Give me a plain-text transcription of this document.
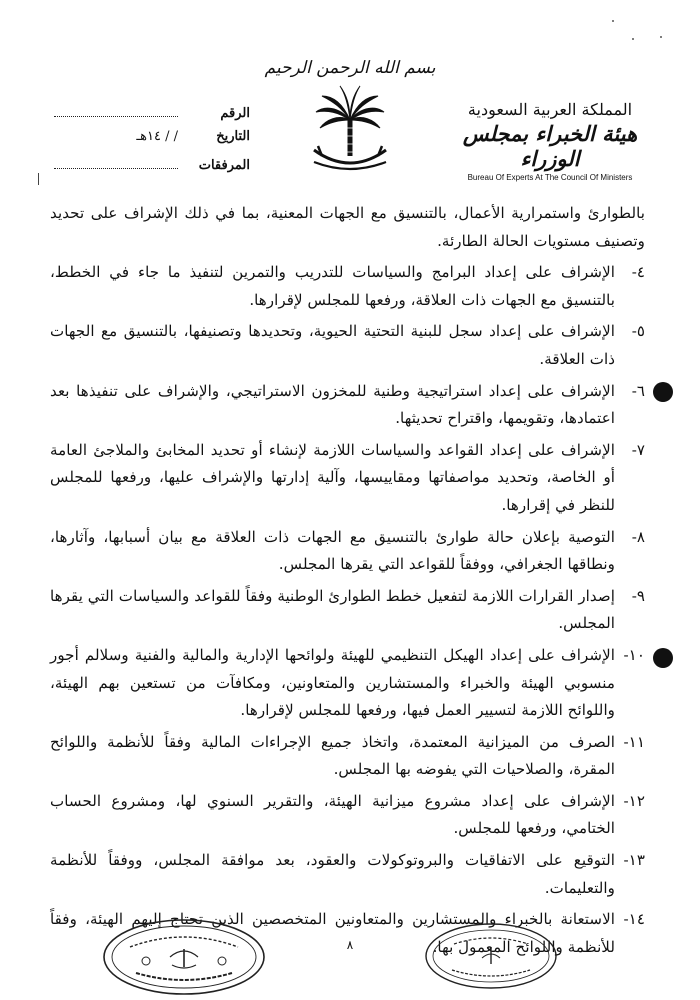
بسم الله الرحمن الرحيم
المملكة العربية السعودية
هيئة الخبراء بمجلس الوزراء
Bureau Of Experts At The Council Of Ministers
الرقم
التاريخ
/ / ١٤هـ
المرفقات

بالطوارئ واستمرارية الأعمال، بالتنسيق مع الجهات المعنية، بما في ذلك الإشراف على تحديد وتصنيف مستويات الحالة الطارئة.

٤-
الإشراف على إعداد البرامج والسياسات للتدريب والتمرين لتنفيذ ما جاء في الخطط، بالتنسيق مع الجهات ذات العلاقة، ورفعها للمجلس لإقرارها.
٥-
الإشراف على إعداد سجل للبنية التحتية الحيوية، وتحديدها وتصنيفها، بالتنسيق مع الجهات ذات العلاقة.
٦-
الإشراف على إعداد استراتيجية وطنية للمخزون الاستراتيجي، والإشراف على تنفيذها بعد اعتمادها، وتقويمها، واقتراح تحديثها.
٧-
الإشراف على إعداد القواعد والسياسات اللازمة لإنشاء أو تحديد المخابئ والملاجئ العامة أو الخاصة، وتحديد مواصفاتها ومقاييسها، وآلية إدارتها والإشراف عليها، ورفعها للمجلس للنظر في إقرارها.
٨-
التوصية بإعلان حالة طوارئ بالتنسيق مع الجهات ذات العلاقة مع بيان أسبابها، وآثارها، ونطاقها الجغرافي، ووفقاً للقواعد التي يقرها المجلس.
٩-
إصدار القرارات اللازمة لتفعيل خطط الطوارئ الوطنية وفقاً للقواعد والسياسات التي يقرها المجلس.
١٠-
الإشراف على إعداد الهيكل التنظيمي للهيئة ولوائحها الإدارية والمالية والفنية وسلالم أجور منسوبي الهيئة والخبراء والمستشارين والمتعاونين، ومكافآت من تستعين بهم الهيئة، واللوائح اللازمة لتسيير العمل فيها، ورفعها للمجلس لإقرارها.
١١-
الصرف من الميزانية المعتمدة، واتخاذ جميع الإجراءات المالية وفقاً للأنظمة واللوائح المقرة، والصلاحيات التي يفوضه بها المجلس.
١٢-
الإشراف على إعداد مشروع ميزانية الهيئة، والتقرير السنوي لها، ومشروع الحساب الختامي، ورفعها للمجلس.
١٣-
التوقيع على الاتفاقيات والبروتوكولات والعقود، بعد موافقة المجلس، ووفقاً للأنظمة والتعليمات.
١٤-
الاستعانة بالخبراء والمستشارين والمتعاونين المتخصصين الذين تحتاج إليهم الهيئة، وفقاً للأنظمة واللوائح المعمول بها.
٨
